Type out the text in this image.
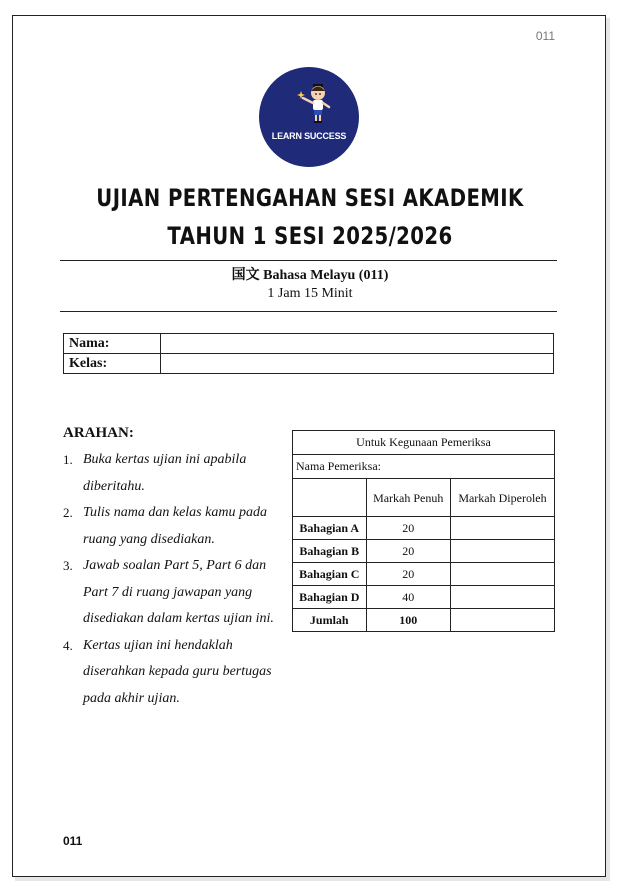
011
LEARN SUCCESS
UJIAN PERTENGAHAN SESI AKADEMIK
TAHUN 1 SESI 2025/2026
国文 Bahasa Melayu (011)
1 Jam 15 Minit
Nama:	
Kelas:	
ARAHAN:
1. Buka kertas ujian ini apabila diberitahu.
2. Tulis nama dan kelas kamu pada ruang yang disediakan.
3. Jawab soalan Part 5, Part 6 dan Part 7 di ruang jawapan yang disediakan dalam kertas ujian ini.
4. Kertas ujian ini hendaklah diserahkan kepada guru bertugas pada akhir ujian.
Untuk Kegunaan Pemeriksa		
Nama Pemeriksa:		
	Markah Penuh	Markah Diperoleh
Bahagian A	20	
Bahagian B	20	
Bahagian C	20	
Bahagian D	40	
Jumlah	100	
011
